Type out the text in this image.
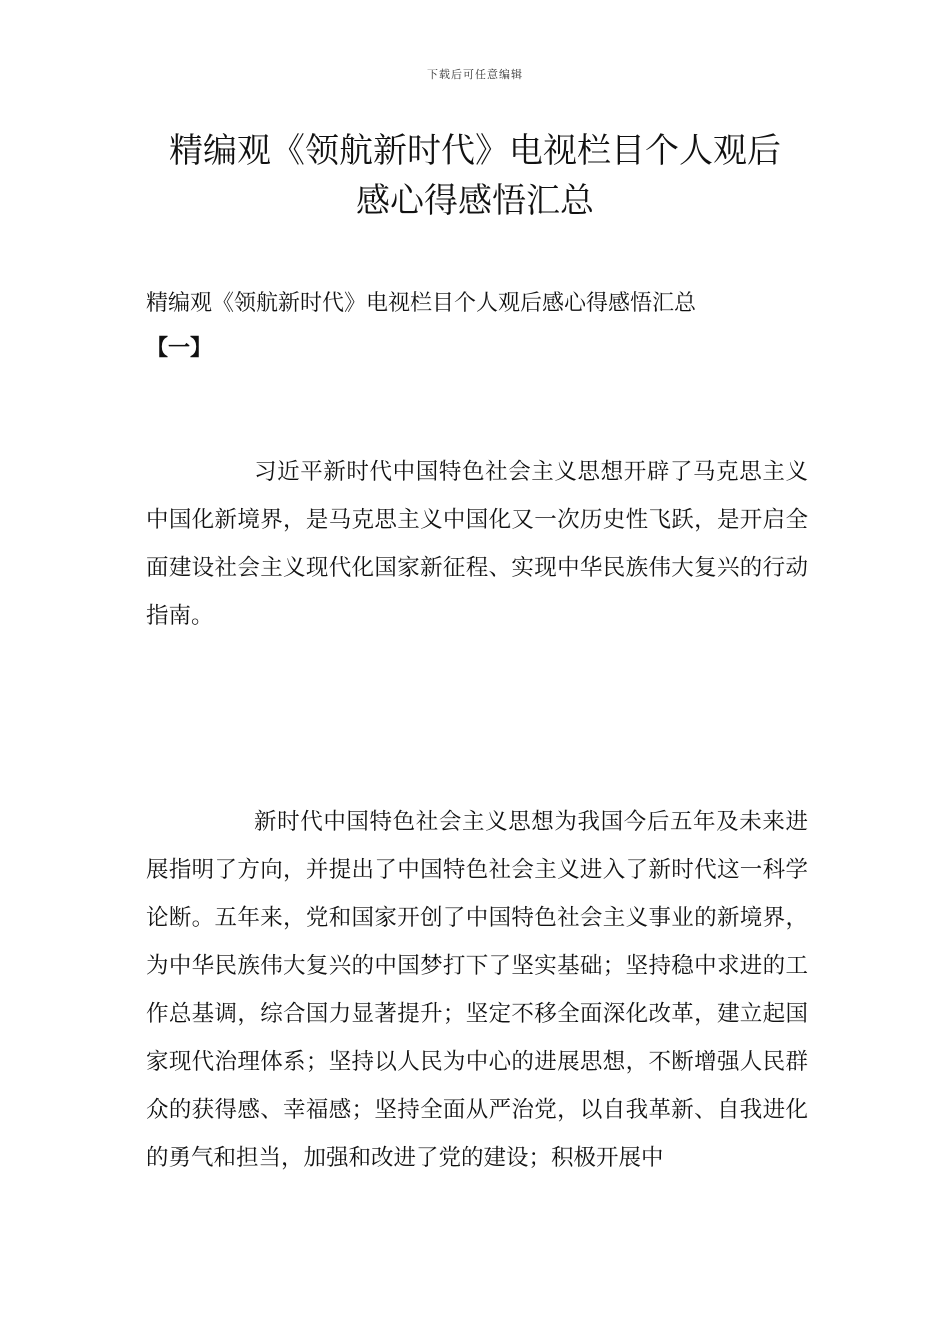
下载后可任意编辑
精编观《领航新时代》电视栏目个人观后
感心得感悟汇总
精编观《领航新时代》电视栏目个人观后感心得感悟汇总
【一】

习近平新时代中国特色社会主义思想开辟了马克思主义中国化新境界，是马克思主义中国化又一次历史性飞跃，是开启全面建设社会主义现代化国家新征程、实现中华民族伟大复兴的行动指南。

新时代中国特色社会主义思想为我国今后五年及未来进展指明了方向，并提出了中国特色社会主义进入了新时代这一科学论断。五年来，党和国家开创了中国特色社会主义事业的新境界，为中华民族伟大复兴的中国梦打下了坚实基础；坚持稳中求进的工作总基调，综合国力显著提升；坚定不移全面深化改革，建立起国家现代治理体系；坚持以人民为中心的进展思想，不断增强人民群众的获得感、幸福感；坚持全面从严治党，以自我革新、自我进化的勇气和担当，加强和改进了党的建设；积极开展中
